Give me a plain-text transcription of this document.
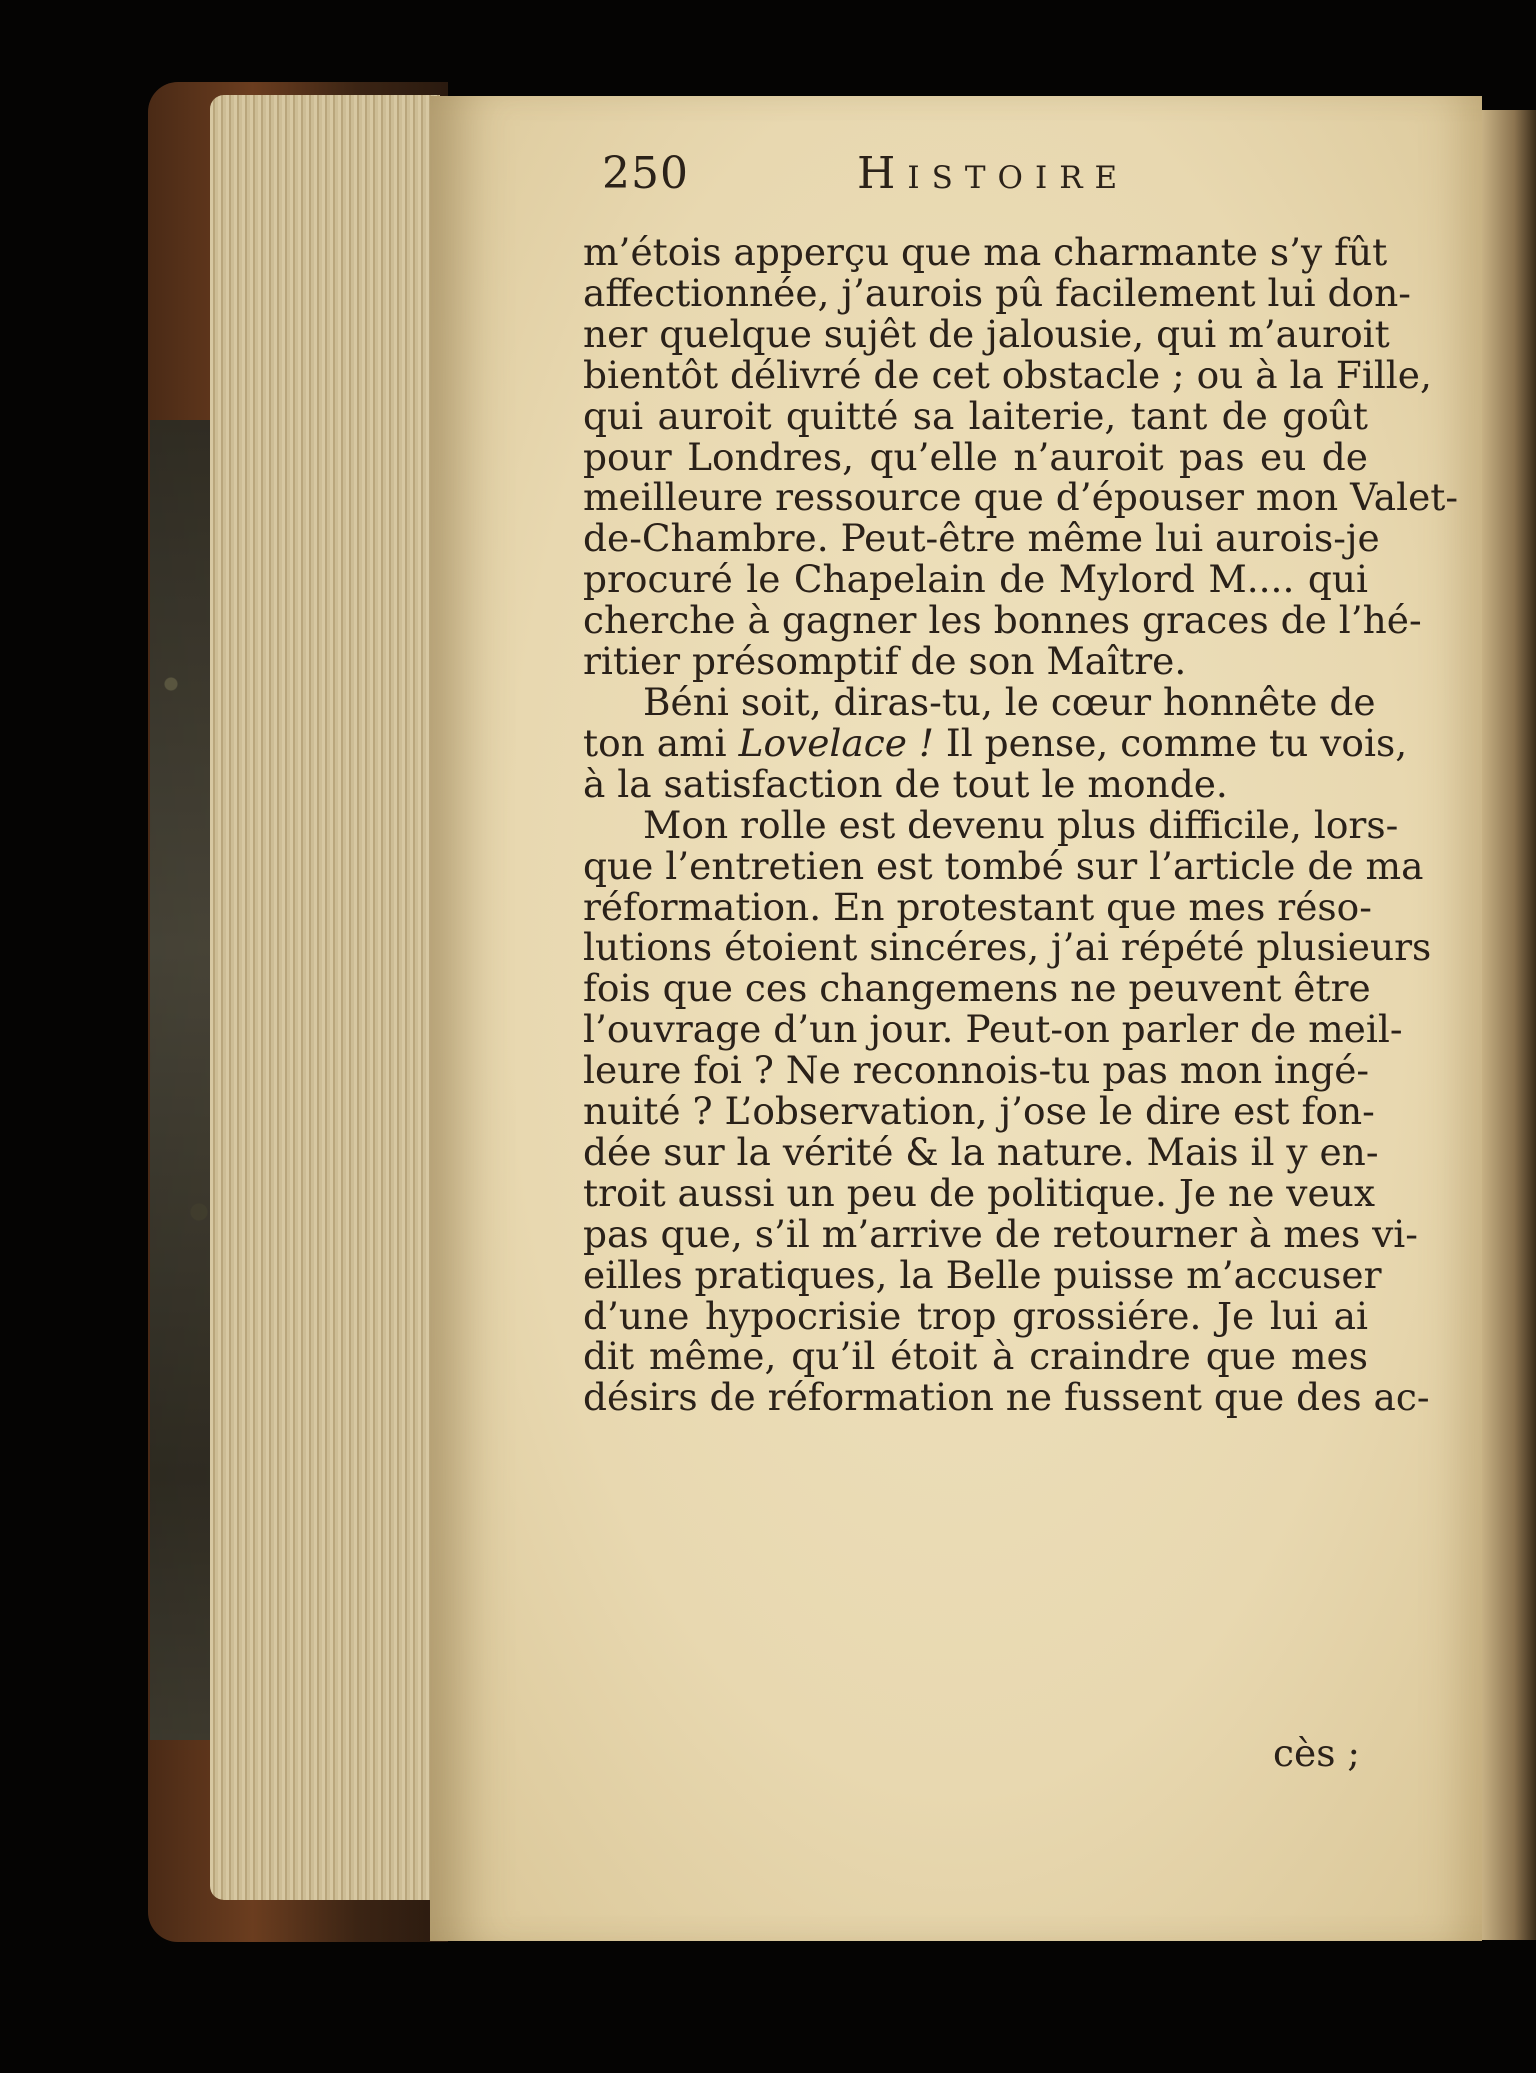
250	Histoire
m’étois apperçu que ma charmante s’y fût
affectionnée, j’aurois pû facilement lui don-
ner quelque sujêt de jalousie, qui m’auroit
bientôt délivré de cet obstacle ; ou à la Fille,
qui auroit quitté sa laiterie, tant de goût
pour Londres, qu’elle n’auroit pas eu de
meilleure ressource que d’épouser mon Valet-
de-Chambre. Peut-être même lui aurois-je
procuré le Chapelain de Mylord M.... qui
cherche à gagner les bonnes graces de l’hé-
ritier présomptif de son Maître.
Béni soit, diras-tu, le cœur honnête de
ton ami Lovelace ! Il pense, comme tu vois,
à la satisfaction de tout le monde.
Mon rolle est devenu plus difficile, lors-
que l’entretien est tombé sur l’article de ma
réformation. En protestant que mes réso-
lutions étoient sincéres, j’ai répété plusieurs
fois que ces changemens ne peuvent être
l’ouvrage d’un jour. Peut-on parler de meil-
leure foi ? Ne reconnois-tu pas mon ingé-
nuité ? L’observation, j’ose le dire est fon-
dée sur la vérité & la nature. Mais il y en-
troit aussi un peu de politique. Je ne veux
pas que, s’il m’arrive de retourner à mes vi-
eilles pratiques, la Belle puisse m’accuser
d’une hypocrisie trop grossiére. Je lui ai
dit même, qu’il étoit à craindre que mes
désirs de réformation ne fussent que des ac-
cès ;
